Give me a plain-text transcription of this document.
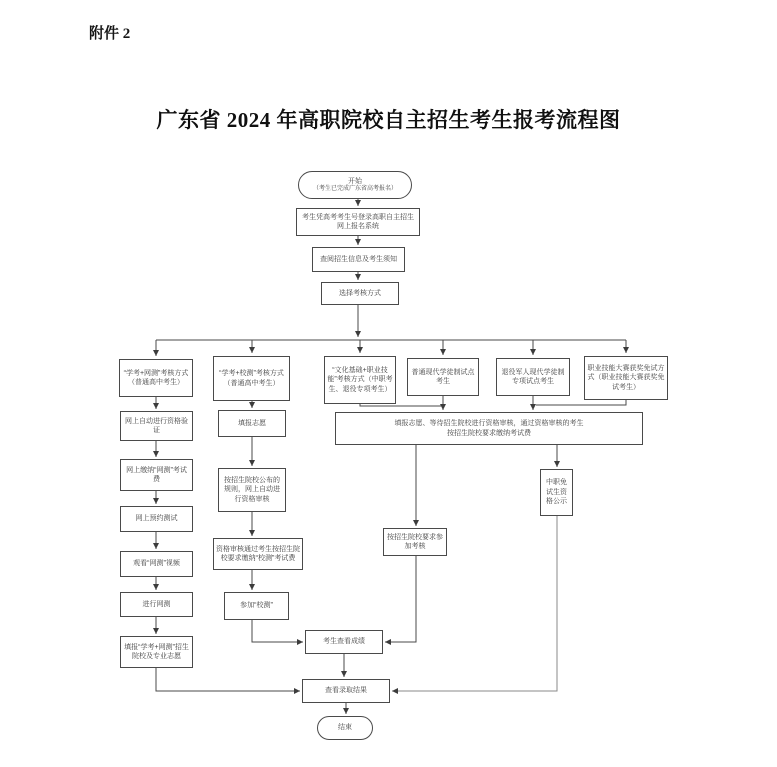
附件 2
广东省 2024 年高职院校自主招生考生报考流程图
开始
（考生已完成广东省高考报名）
考生凭高考考生号登录高职自主招生网上报名系统
查阅招生信息及考生须知
选择考核方式
“学考+网测”考核方式（普通高中考生）
“学考+校测”考核方式（普通高中考生）
“文化基础+职业技能”考核方式（中职考生、退役专项考生）
普通现代学徒制试点考生
退役军人现代学徒制专项试点考生
职业技能大赛获奖免试方式（职业技能大赛获奖免试考生）
网上自动进行资格验证
网上缴纳“网测”考试费
网上预约测试
观看“网测”视频
进行网测
填报“学考+网测”招生院校及专业志愿
填报志愿
按招生院校公布的规则，网上自动进行资格审核
资格审核通过考生按招生院校要求缴纳“校测”考试费
参加“校测”
填报志愿、等待招生院校进行资格审核，通过资格审核的考生
按招生院校要求缴纳考试费
按招生院校要求参加考核
中职免试生资格公示
考生查看成绩
查看录取结果
结束
